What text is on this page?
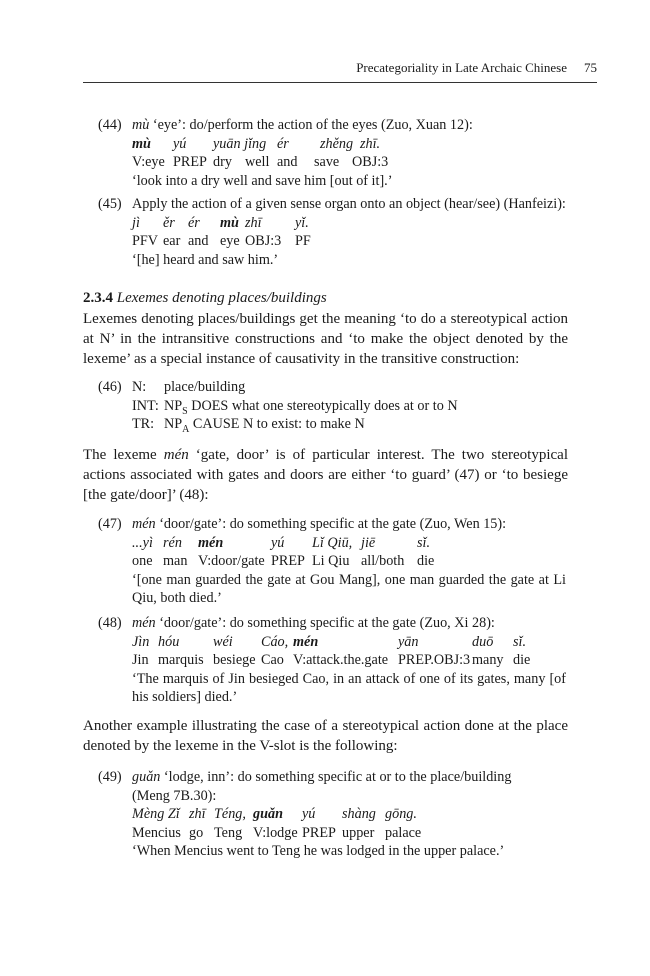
Precategoriality in Late Archaic Chinese 75
(44) mù ‘eye’: do/perform the action of the eyes (Zuo, Xuan 12):
mù yú yuān jǐng ér zhěng zhī.
V:eye PREP dry well and save OBJ:3
‘look into a dry well and save him [out of it].’
(45) Apply the action of a given sense organ onto an object (hear/see) (Hanfeizi):
jì ěr ér mù zhī yǐ.
PFV ear and eye OBJ:3 PF
‘[he] heard and saw him.’
2.3.4 Lexemes denoting places/buildings
Lexemes denoting places/buildings get the meaning ‘to do a stereotypical action at N’ in the intransitive constructions and ‘to make the object denoted by the lexeme’ as a special instance of causativity in the transitive construction:
(46) N: place/building
INT: $NP_S$ DOES what one stereotypically does at or to N
TR: $NP_A$ CAUSE N to exist: to make N
The lexeme mén ‘gate, door’ is of particular interest. The two stereotypical actions associated with gates and doors are either ‘to guard’ (47) or ‘to besiege [the gate/door]’ (48):
(47) mén ‘door/gate’: do something specific at the gate (Zuo, Wen 15):
...yì rén mén	yú Lǐ Qiū, jiē	sǐ.
one man V:door/gate PREP Li Qiu all/both die
‘[one man guarded the gate at Gou Mang], one man guarded the gate at Li Qiu, both died.’
(48) mén ‘door/gate’: do something specific at the gate (Zuo, Xi 28):
Jìn hóu wéi Cáo, mén	yān	duō sǐ.
Jin marquis besiege Cao V:attack.the.gate PREP.OBJ:3 many die
‘The marquis of Jin besieged Cao, in an attack of one of its gates, many [of his soldiers] died.’
Another example illustrating the case of a stereotypical action done at the place denoted by the lexeme in the V-slot is the following:
(49) guǎn ‘lodge, inn’: do something specific at or to the place/building (Meng 7B.30):
Mèng Zǐ zhī Téng, guǎn yú shàng gōng.
Mencius go Teng V:lodge PREP upper palace
‘When Mencius went to Teng he was lodged in the upper palace.’
